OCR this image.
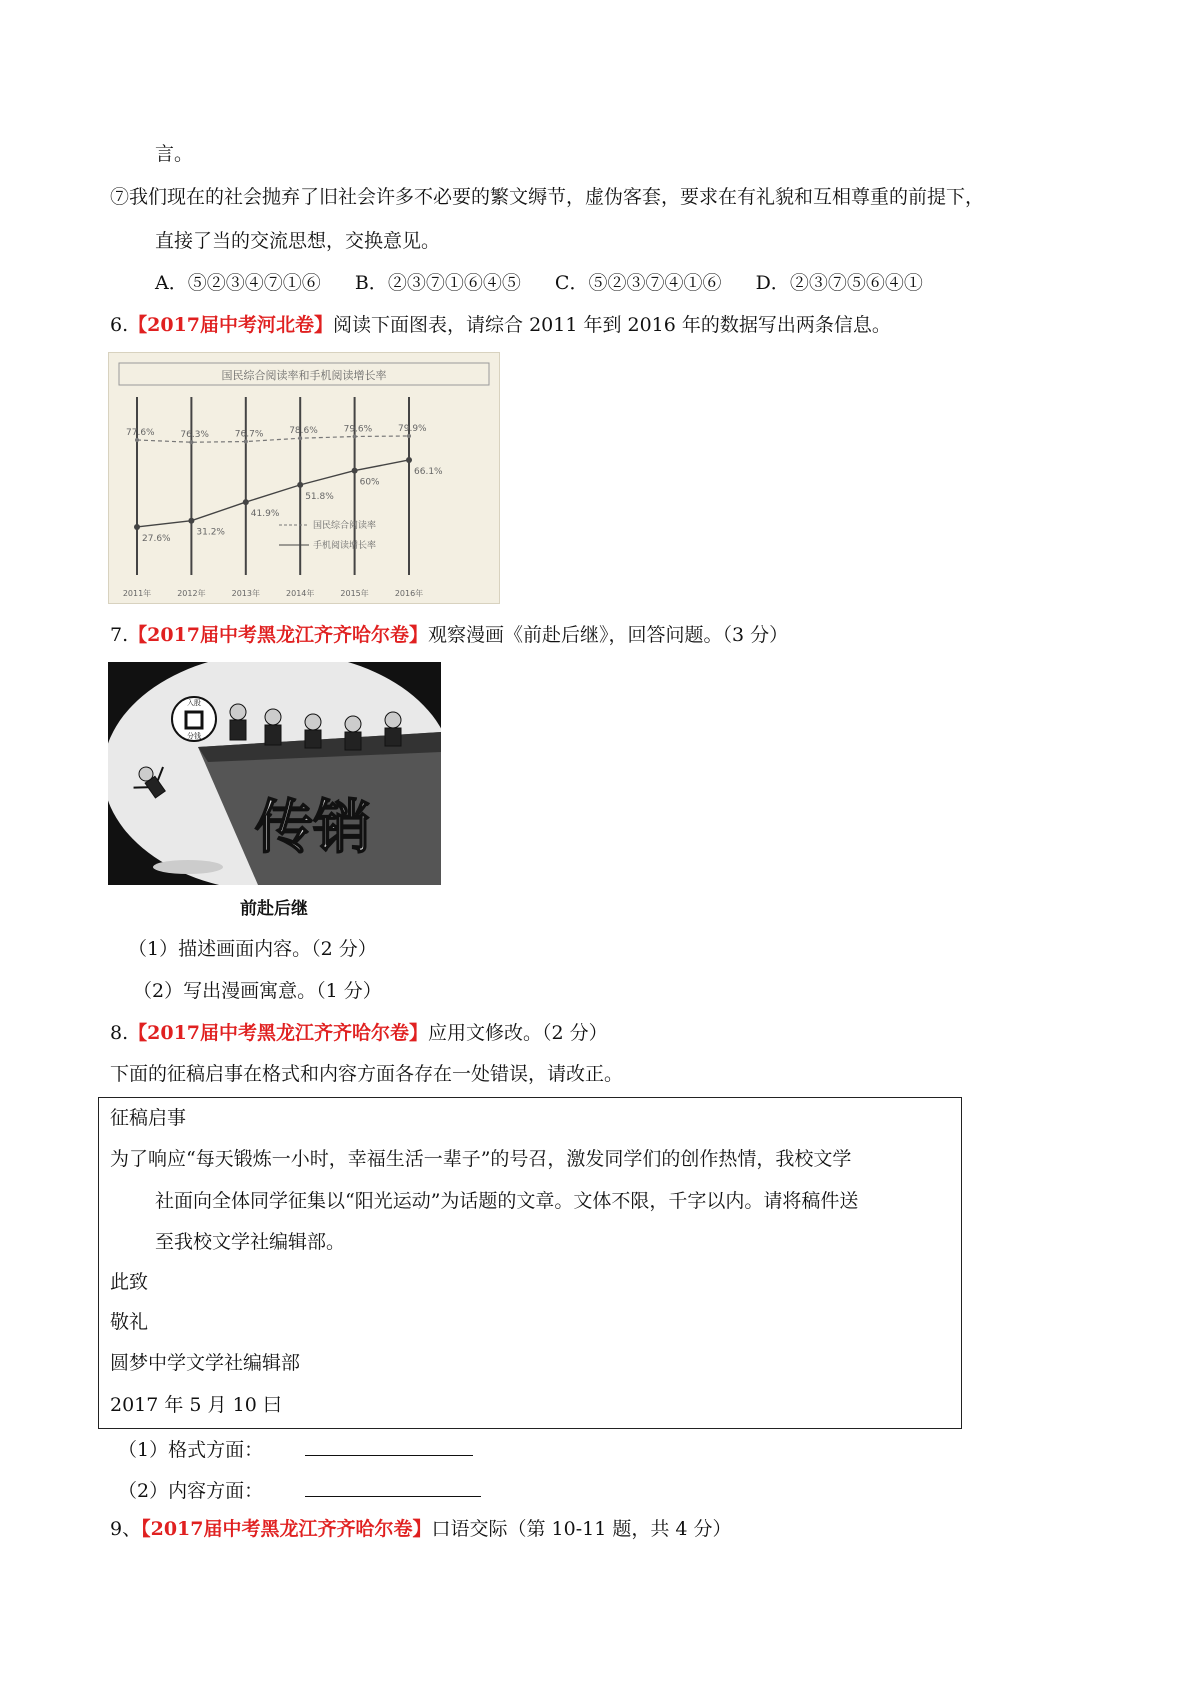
言。
⑦我们现在的社会抛弃了旧社会许多不必要的繁文缛节，虚伪客套，要求在有礼貌和互相尊重的前提下，
直接了当的交流思想，交换意见。
A．⑤②③④⑦①⑥ B．②③⑦①⑥④⑤ C．⑤②③⑦④①⑥ D．②③⑦⑤⑥④①
6.【2017届中考河北卷】阅读下面图表，请综合 2011 年到 2016 年的数据写出两条信息。
国民综合阅读率和手机阅读增长率
2011年	2012年	2013年	2014年	2015年	2016年
77.6%	76.3%	76.7%	78.6%	79.6%	79.9%
27.6%
31.2%
41.9%
51.8%
60%
66.1%
国民综合阅读率
手机阅读增长率
7.【2017届中考黑龙江齐齐哈尔卷】观察漫画《前赴后继》，回答问题。（3 分）
传销
入股
分钱
前赴后继
（1）描述画面内容。（2 分）
（2）写出漫画寓意。（1 分）
8.【2017届中考黑龙江齐齐哈尔卷】应用文修改。（2 分）
下面的征稿启事在格式和内容方面各存在一处错误，请改正。
征稿启事
为了响应“每天锻炼一小时，幸福生活一辈子”的号召，激发同学们的创作热情，我校文学
社面向全体同学征集以“阳光运动”为话题的文章。文体不限，千字以内。请将稿件送
至我校文学社编辑部。
此致
敬礼
圆梦中学文学社编辑部
2017 年 5 月 10 曰
（1）格式方面：
（2）内容方面：
9、【2017届中考黑龙江齐齐哈尔卷】口语交际（第 10-11 题，共 4 分）
